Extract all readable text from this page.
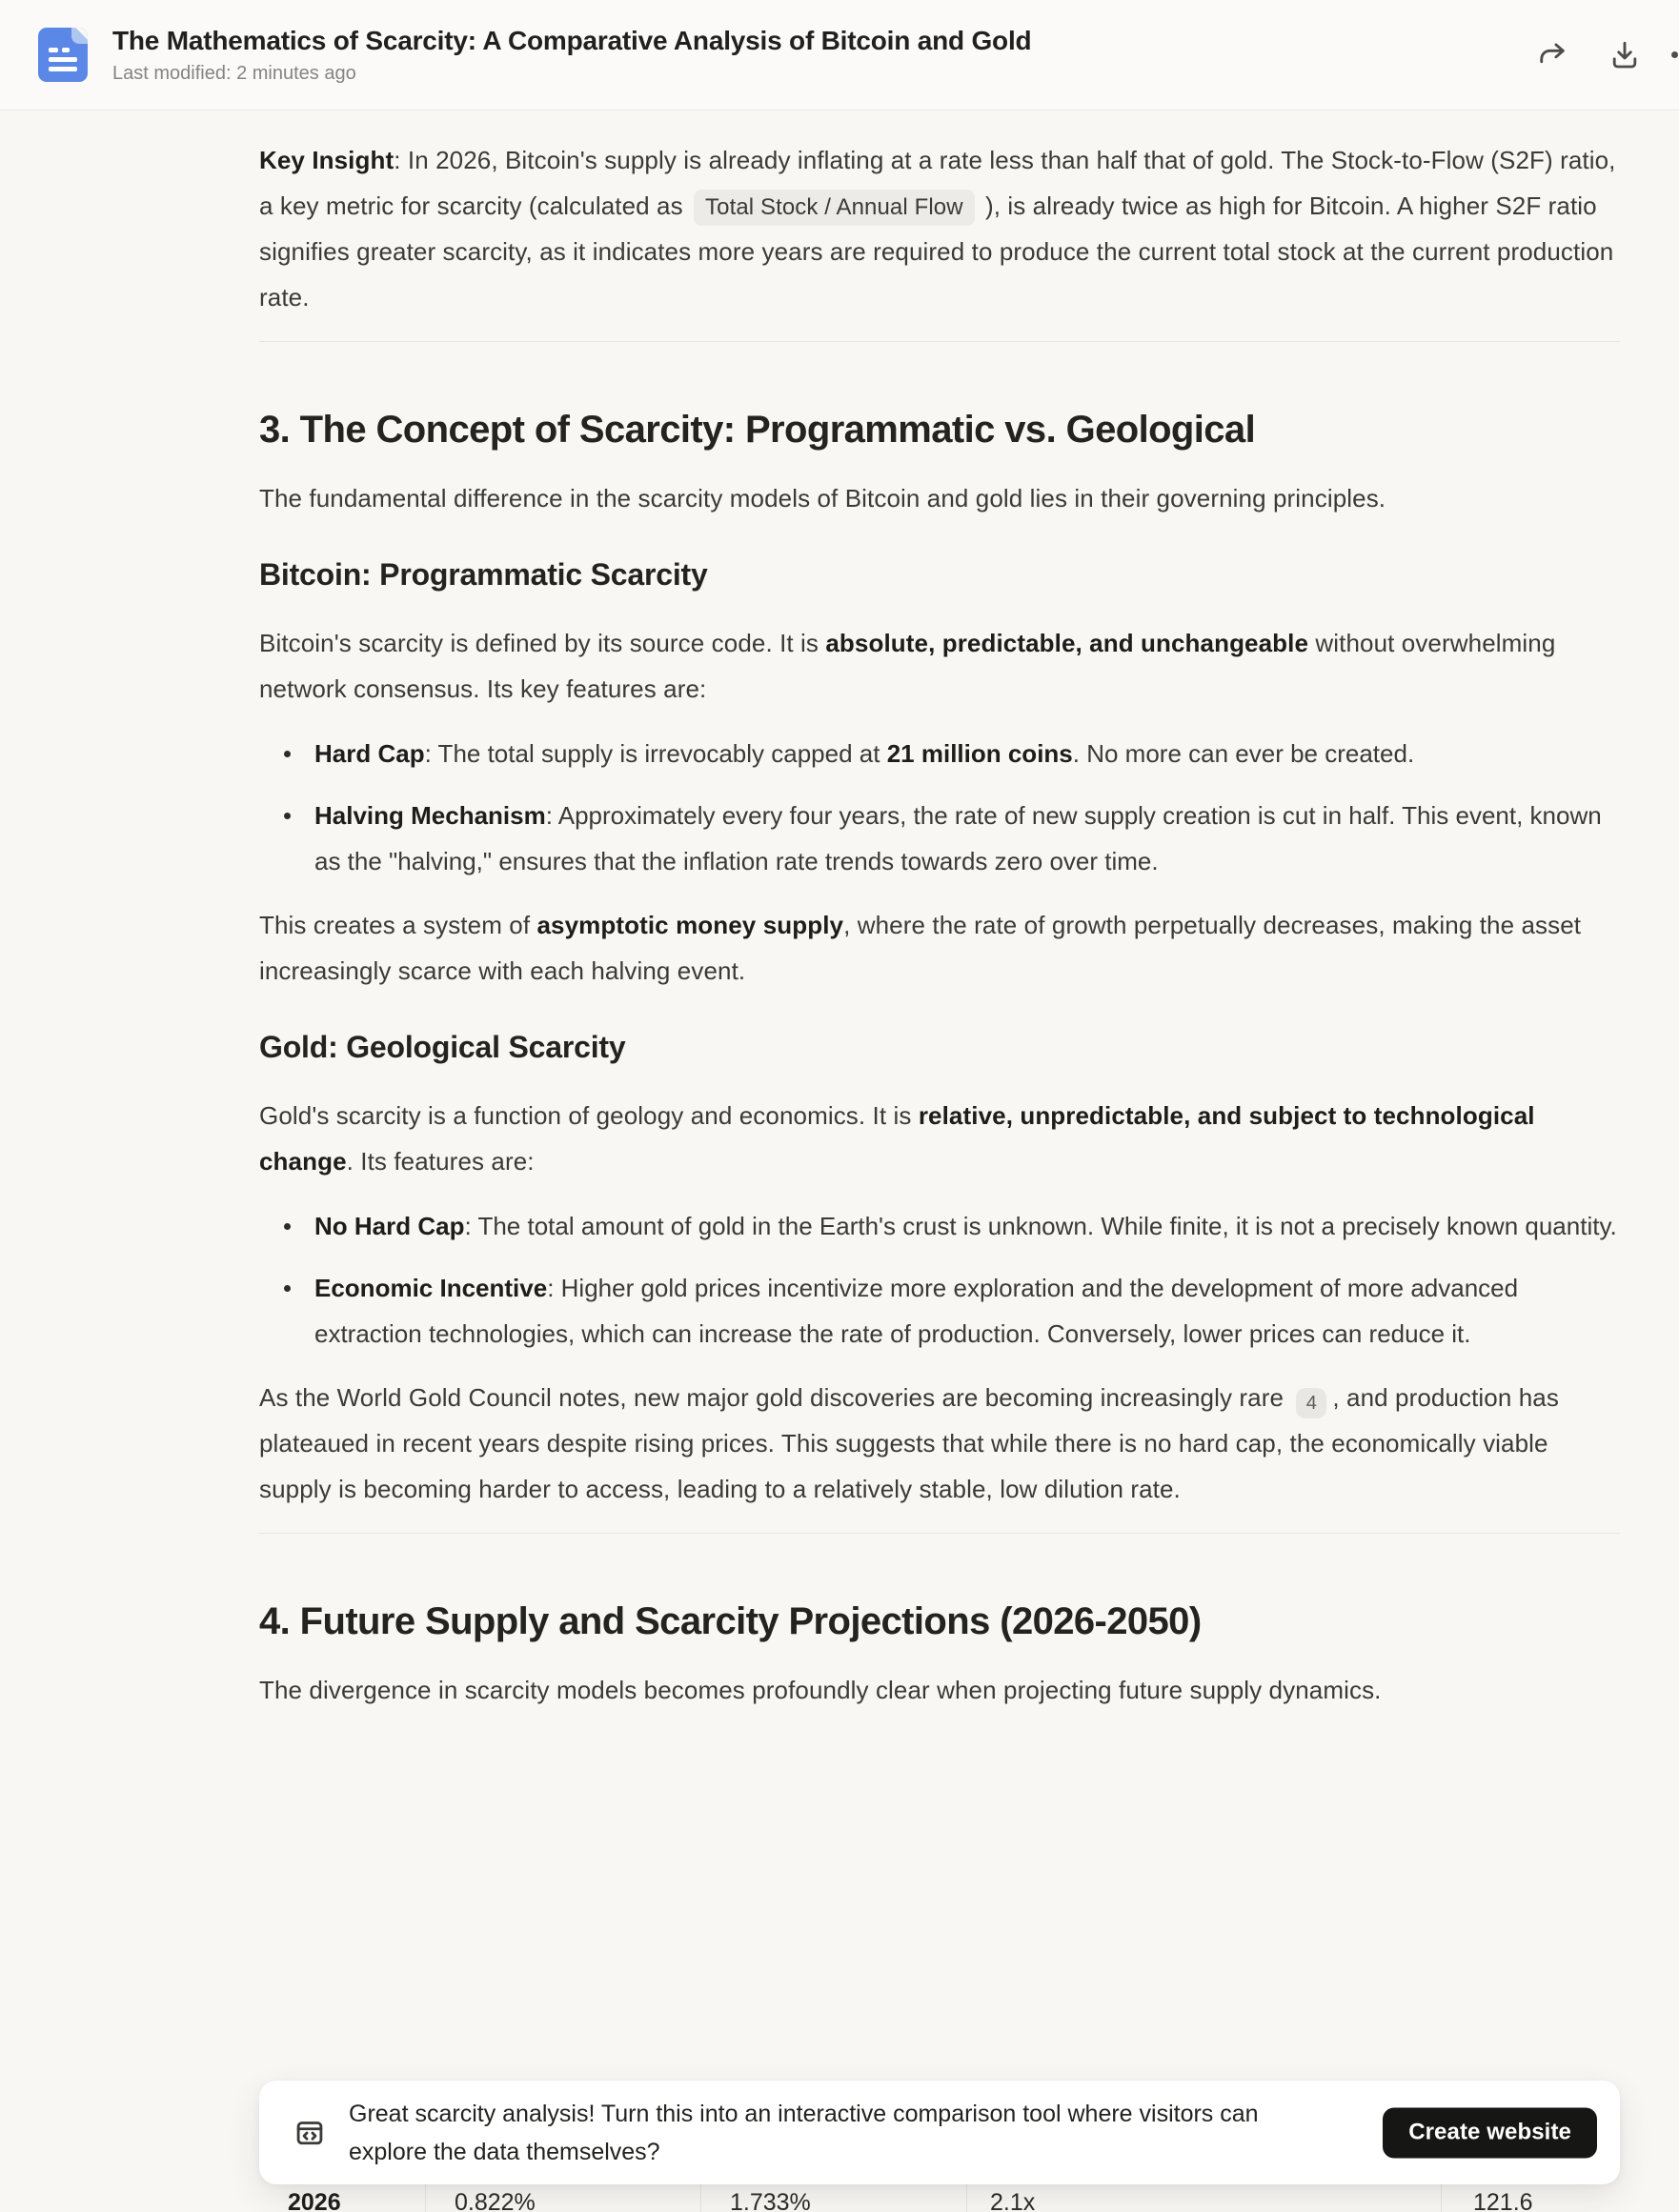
The Mathematics of Scarcity: A Comparative Analysis of Bitcoin and Gold
Last modified: 2 minutes ago

Key Insight: In 2026, Bitcoin's supply is already inflating at a rate less than half that of gold. The Stock-to-Flow (S2F) ratio, a key metric for scarcity (calculated as Total Stock / Annual Flow ), is already twice as high for Bitcoin. A higher S2F ratio signifies greater scarcity, as it indicates more years are required to produce the current total stock at the current production rate.

3. The Concept of Scarcity: Programmatic vs. Geological

The fundamental difference in the scarcity models of Bitcoin and gold lies in their governing principles.

Bitcoin: Programmatic Scarcity

Bitcoin's scarcity is defined by its source code. It is absolute, predictable, and unchangeable without overwhelming network consensus. Its key features are:

Hard Cap: The total supply is irrevocably capped at 21 million coins. No more can ever be created.
Halving Mechanism: Approximately every four years, the rate of new supply creation is cut in half. This event, known as the "halving," ensures that the inflation rate trends towards zero over time.

This creates a system of asymptotic money supply, where the rate of growth perpetually decreases, making the asset increasingly scarce with each halving event.

Gold: Geological Scarcity

Gold's scarcity is a function of geology and economics. It is relative, unpredictable, and subject to technological change. Its features are:

No Hard Cap: The total amount of gold in the Earth's crust is unknown. While finite, it is not a precisely known quantity.
Economic Incentive: Higher gold prices incentivize more exploration and the development of more advanced extraction technologies, which can increase the rate of production. Conversely, lower prices can reduce it.

As the World Gold Council notes, new major gold discoveries are becoming increasingly rare 4 , and production has plateaued in recent years despite rising prices. This suggests that while there is no hard cap, the economically viable supply is becoming harder to access, leading to a relatively stable, low dilution rate.

4. Future Supply and Scarcity Projections (2026-2050)

The divergence in scarcity models becomes profoundly clear when projecting future supply dynamics.

2026	0.822%	1.733%	2.1x	121.6
Great scarcity analysis! Turn this into an interactive comparison tool where visitors can explore the data themselves?
Create website
